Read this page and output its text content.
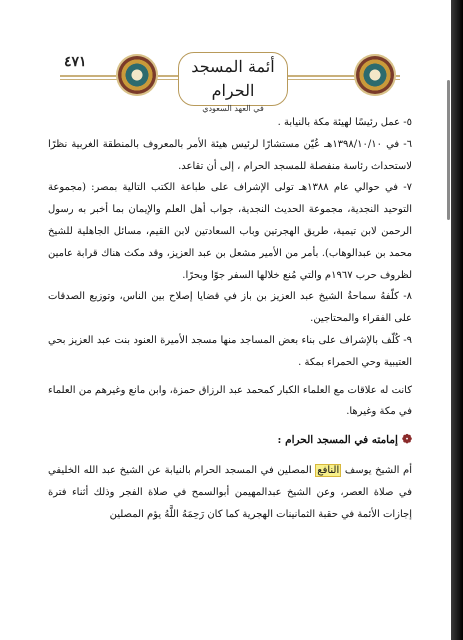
٤٧١	أئمة المسجد الحرام
في العهد السعودي

٥- عمل رئيسًا لهيئة مكة بالنيابة .

٦- في ١٣٩٨/١٠/١٠هـ عُيّن مستشارًا لرئيس هيئة الأمر بالمعروف بالمنطقة الغربية نظرًا لاستحداث رئاسة منفصلة للمسجد الحرام ، إلى أن تقاعد.

٧- في حوالي عام ١٣٨٨هـ تولى الإشراف على طباعة الكتب التالية بمصر: (مجموعة التوحيد النجدية، مجموعة الحديث النجدية، جواب أهل العلم والإيمان بما أخبر به رسول الرحمن لابن تيمية، طريق الهجرتين وباب السعادتين لابن القيم، مسائل الجاهلية للشيخ محمد بن عبدالوهاب). بأمر من الأمير مشعل بن عبد العزيز، وقد مكث هناك قرابة عامين لظروف حرب ١٩٦٧م والتي مُنع خلالها السفر جوًا وبحرًا.

٨- كلّفهُ سماحةُ الشيخ عبد العزيز بن باز في قضايا إصلاح بين الناس، وتوزيع الصدقات على الفقراء والمحتاجين.

٩- كُلّف بالإشراف على بناء بعض المساجد منها مسجد الأميرة العنود بنت عبد العزيز بحي العتيبية وحي الحمراء بمكة .

كانت له علاقات مع العلماء الكبار كمحمد عبد الرزاق حمزة، وابن مانع وغيرهم من العلماء في مكة وغيرها.

❁إمامته في المسجد الحرام :

أم الشيخ يوسف النافع المصلين في المسجد الحرام بالنيابة عن الشيخ عبد الله الخليفي في صلاة العصر، وعن الشيخ عبدالمهيمن أبوالسمح في صلاة الفجر وذلك أثناء فترة إجازات الأئمة في حقبة الثمانينات الهجرية كما كان رَحِمَهُ اللَّهُ يؤم المصلين
